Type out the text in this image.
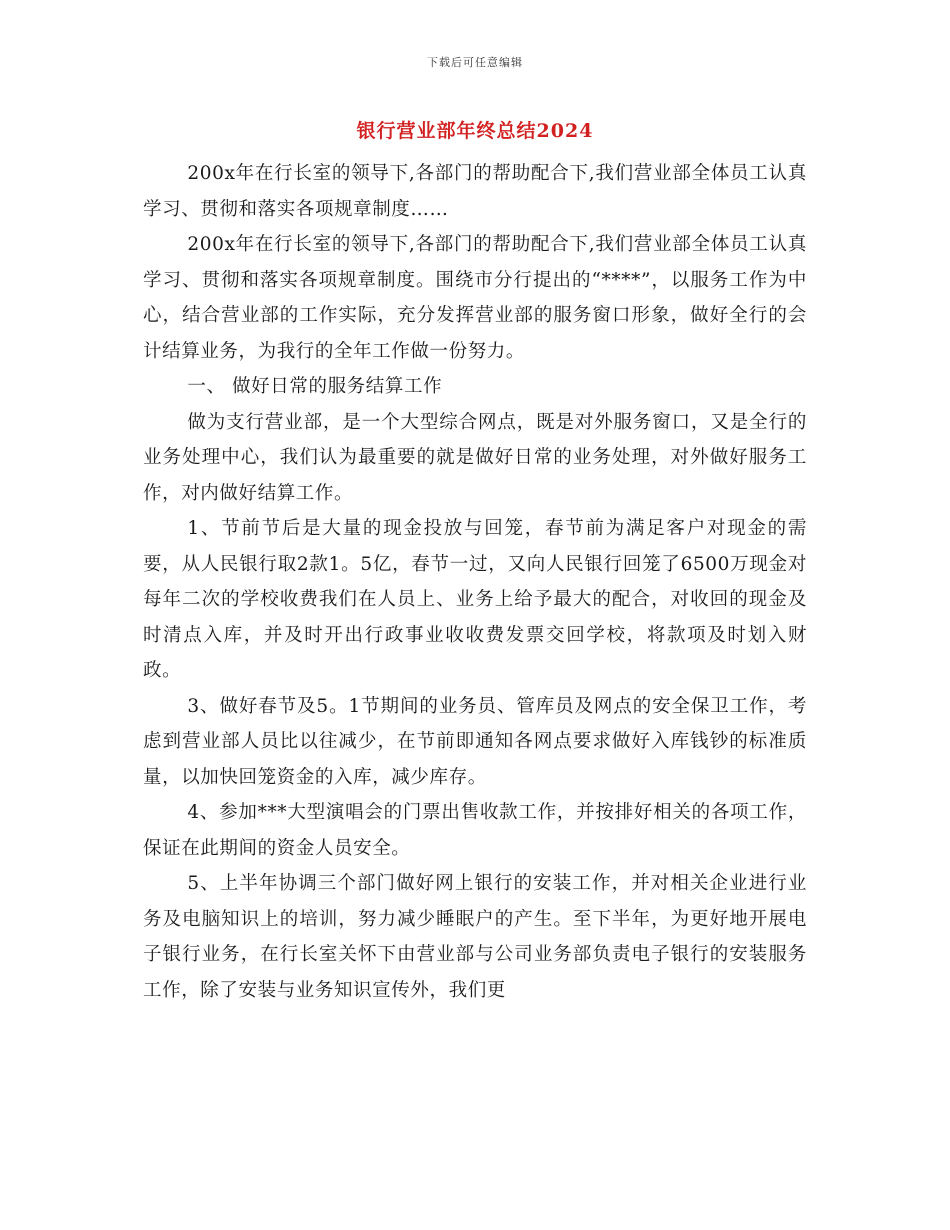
下载后可任意编辑
银行营业部年终总结2024

200x年在行长室的领导下,各部门的帮助配合下,我们营业部全体员工认真学习、贯彻和落实各项规章制度……

200x年在行长室的领导下,各部门的帮助配合下,我们营业部全体员工认真学习、贯彻和落实各项规章制度。围绕市分行提出的“****”，以服务工作为中心，结合营业部的工作实际，充分发挥营业部的服务窗口形象，做好全行的会计结算业务，为我行的全年工作做一份努力。

一、 做好日常的服务结算工作

做为支行营业部，是一个大型综合网点，既是对外服务窗口，又是全行的业务处理中心，我们认为最重要的就是做好日常的业务处理，对外做好服务工作，对内做好结算工作。

1、节前节后是大量的现金投放与回笼，春节前为满足客户对现金的需要，从人民银行取2款1。5亿，春节一过，又向人民银行回笼了6500万现金对每年二次的学校收费我们在人员上、业务上给予最大的配合，对收回的现金及时清点入库，并及时开出行政事业收收费发票交回学校，将款项及时划入财政。

3、做好春节及5。1节期间的业务员、管库员及网点的安全保卫工作，考虑到营业部人员比以往减少，在节前即通知各网点要求做好入库钱钞的标准质量，以加快回笼资金的入库，减少库存。

4、参加***大型演唱会的门票出售收款工作，并按排好相关的各项工作，保证在此期间的资金人员安全。

5、上半年协调三个部门做好网上银行的安装工作，并对相关企业进行业务及电脑知识上的培训，努力减少睡眠户的产生。至下半年，为更好地开展电子银行业务，在行长室关怀下由营业部与公司业务部负责电子银行的安装服务工作，除了安装与业务知识宣传外，我们更
